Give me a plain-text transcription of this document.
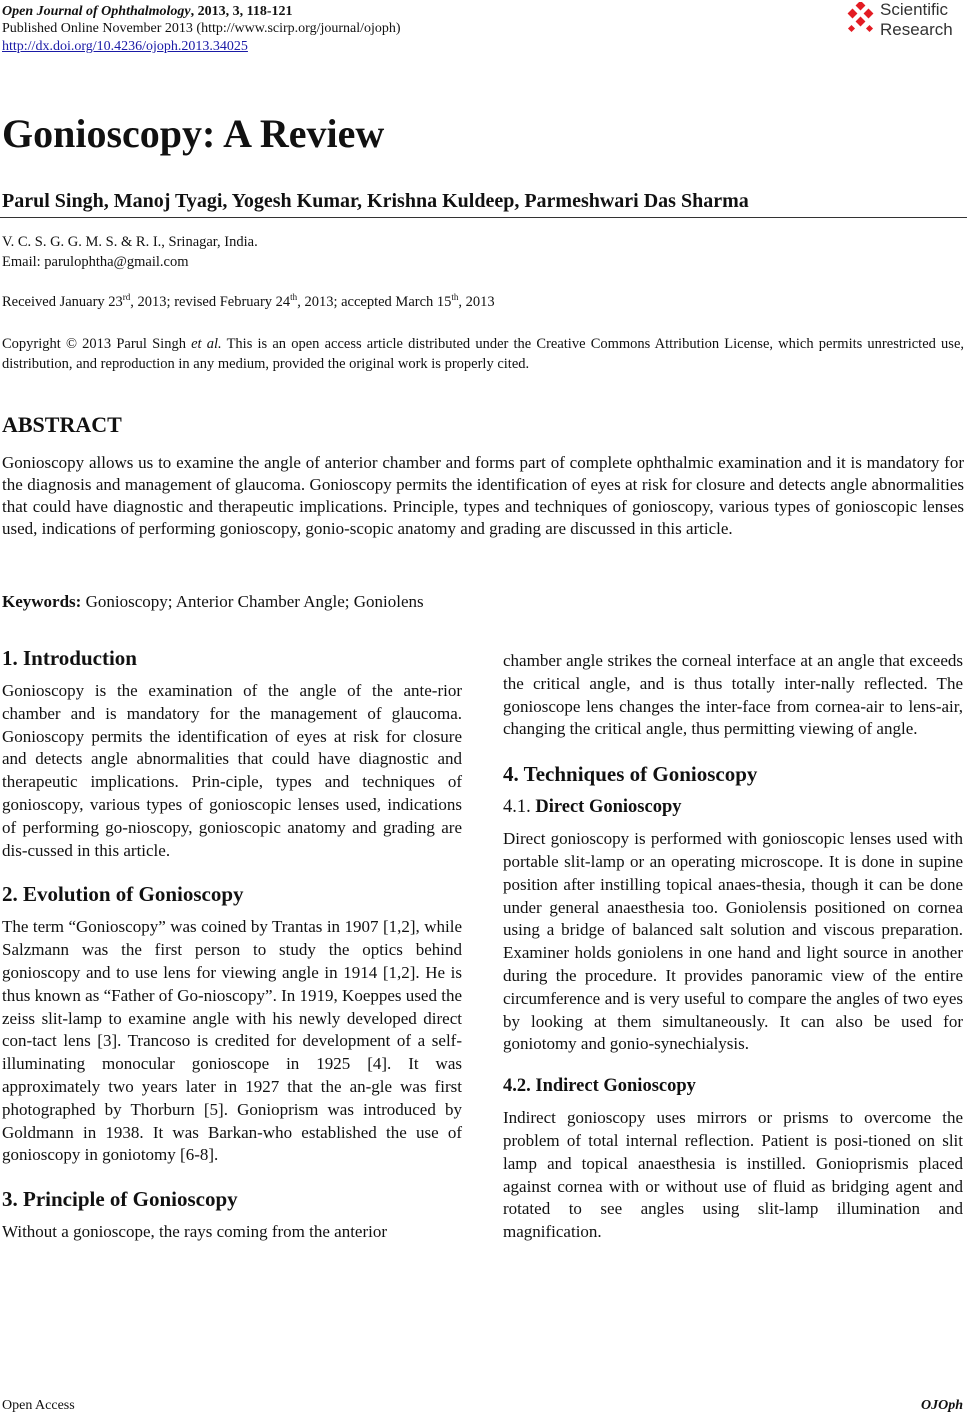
Open Journal of Ophthalmology, 2013, 3, 118-121
Published Online November 2013 (http://www.scirp.org/journal/ojoph)
http://dx.doi.org/10.4236/ojoph.2013.34025
Scientific
Research
Gonioscopy: A Review
Parul Singh, Manoj Tyagi, Yogesh Kumar, Krishna Kuldeep, Parmeshwari Das Sharma
V. C. S. G. G. M. S. & R. I., Srinagar, India.
Email: parulophtha@gmail.com
Received January 23rd, 2013; revised February 24th, 2013; accepted March 15th, 2013
Copyright © 2013 Parul Singh et al. This is an open access article distributed under the Creative Commons Attribution License, which permits unrestricted use, distribution, and reproduction in any medium, provided the original work is properly cited.
ABSTRACT
Gonioscopy allows us to examine the angle of anterior chamber and forms part of complete ophthalmic examination and it is mandatory for the diagnosis and management of glaucoma. Gonioscopy permits the identification of eyes at risk for closure and detects angle abnormalities that could have diagnostic and therapeutic implications. Principle, types and techniques of gonioscopy, various types of gonioscopic lenses used, indications of performing gonioscopy, gonio-scopic anatomy and grading are discussed in this article.
Keywords: Gonioscopy; Anterior Chamber Angle; Goniolens
1. Introduction

Gonioscopy is the examination of the angle of the ante-rior chamber and is mandatory for the management of glaucoma. Gonioscopy permits the identification of eyes at risk for closure and detects angle abnormalities that could have diagnostic and therapeutic implications. Prin-ciple, types and techniques of gonioscopy, various types of gonioscopic lenses used, indications of performing go-nioscopy, gonioscopic anatomy and grading are dis-cussed in this article.

2. Evolution of Gonioscopy

The term “Gonioscopy” was coined by Trantas in 1907 [1,2], while Salzmann was the first person to study the optics behind gonioscopy and to use lens for viewing angle in 1914 [1,2]. He is thus known as “Father of Go-nioscopy”. In 1919, Koeppes used the zeiss slit-lamp to examine angle with his newly developed direct con-tact lens [3]. Trancoso is credited for development of a self-illuminating monocular gonioscope in 1925 [4]. It was approximately two years later in 1927 that the an-gle was first photographed by Thorburn [5]. Gonioprism was introduced by Goldmann in 1938. It was Barkan-who established the use of gonioscopy in goniotomy [6-8].

3. Principle of Gonioscopy

Without a gonioscope, the rays coming from the anterior

chamber angle strikes the corneal interface at an angle that exceeds the critical angle, and is thus totally inter-nally reflected. The gonioscope lens changes the inter-face from cornea-air to lens-air, changing the critical angle, thus permitting viewing of angle.

4. Techniques of Gonioscopy
4.1. Direct Gonioscopy

Direct gonioscopy is performed with gonioscopic lenses used with portable slit-lamp or an operating microscope. It is done in supine position after instilling topical anaes-thesia, though it can be done under general anaesthesia too. Goniolensis positioned on cornea using a bridge of balanced salt solution and viscous preparation. Examiner holds goniolens in one hand and light source in another during the procedure. It provides panoramic view of the entire circumference and is very useful to compare the angles of two eyes by looking at them simultaneously. It can also be used for goniotomy and gonio-synechialysis.

4.2. Indirect Gonioscopy

Indirect gonioscopy uses mirrors or prisms to overcome the problem of total internal reflection. Patient is posi-tioned on slit lamp and topical anaesthesia is instilled. Gonioprismis placed against cornea with or without use of fluid as bridging agent and rotated to see angles using slit-lamp illumination and magnification.

Open Access	OJOph
